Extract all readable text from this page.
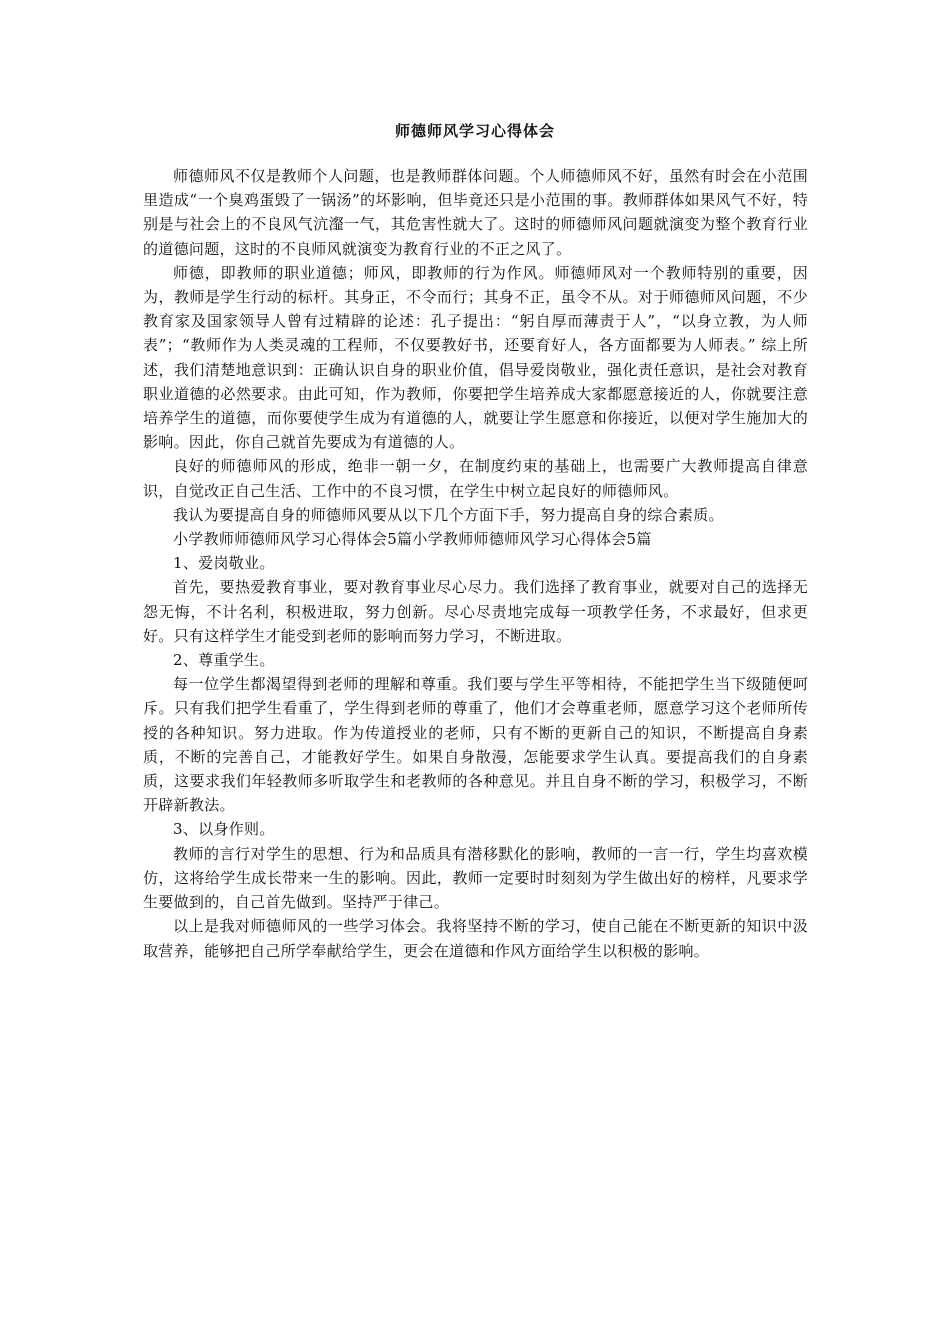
师德师风学习心得体会

师德师风不仅是教师个人问题，也是教师群体问题。个人师德师风不好，虽然有时会在小范围里造成“一个臭鸡蛋毁了一锅汤”的坏影响，但毕竟还只是小范围的事。教师群体如果风气不好，特别是与社会上的不良风气沆瀣一气，其危害性就大了。这时的师德师风问题就演变为整个教育行业的道德问题，这时的不良师风就演变为教育行业的不正之风了。

师德，即教师的职业道德；师风，即教师的行为作风。师德师风对一个教师特别的重要，因为，教师是学生行动的标杆。其身正，不令而行；其身不正，虽令不从。对于师德师风问题，不少教育家及国家领导人曾有过精辟的论述：孔子提出：“躬自厚而薄责于人”，“以身立教，为人师表”；“教师作为人类灵魂的工程师，不仅要教好书，还要育好人，各方面都要为人师表。” 综上所述，我们清楚地意识到：正确认识自身的职业价值，倡导爱岗敬业，强化责任意识，是社会对教育职业道德的必然要求。由此可知，作为教师，你要把学生培养成大家都愿意接近的人，你就要注意培养学生的道德，而你要使学生成为有道德的人，就要让学生愿意和你接近，以便对学生施加大的影响。因此，你自己就首先要成为有道德的人。

良好的师德师风的形成，绝非一朝一夕，在制度约束的基础上，也需要广大教师提高自律意识，自觉改正自己生活、工作中的不良习惯，在学生中树立起良好的师德师风。

我认为要提高自身的师德师风要从以下几个方面下手，努力提高自身的综合素质。

小学教师师德师风学习心得体会5篇小学教师师德师风学习心得体会5篇

1、爱岗敬业。

首先，要热爱教育事业，要对教育事业尽心尽力。我们选择了教育事业，就要对自己的选择无怨无悔，不计名利，积极进取，努力创新。尽心尽责地完成每一项教学任务，不求最好，但求更好。只有这样学生才能受到老师的影响而努力学习，不断进取。

2、尊重学生。

每一位学生都渴望得到老师的理解和尊重。我们要与学生平等相待，不能把学生当下级随便呵斥。只有我们把学生看重了，学生得到老师的尊重了，他们才会尊重老师，愿意学习这个老师所传授的各种知识。努力进取。作为传道授业的老师，只有不断的更新自己的知识，不断提高自身素质，不断的完善自己，才能教好学生。如果自身散漫，怎能要求学生认真。要提高我们的自身素质，这要求我们年轻教师多听取学生和老教师的各种意见。并且自身不断的学习，积极学习，不断开辟新教法。

3、以身作则。

教师的言行对学生的思想、行为和品质具有潜移默化的影响，教师的一言一行，学生均喜欢模仿，这将给学生成长带来一生的影响。因此，教师一定要时时刻刻为学生做出好的榜样，凡要求学生要做到的，自己首先做到。坚持严于律己。

以上是我对师德师风的一些学习体会。我将坚持不断的学习，使自己能在不断更新的知识中汲取营养，能够把自己所学奉献给学生，更会在道德和作风方面给学生以积极的影响。
